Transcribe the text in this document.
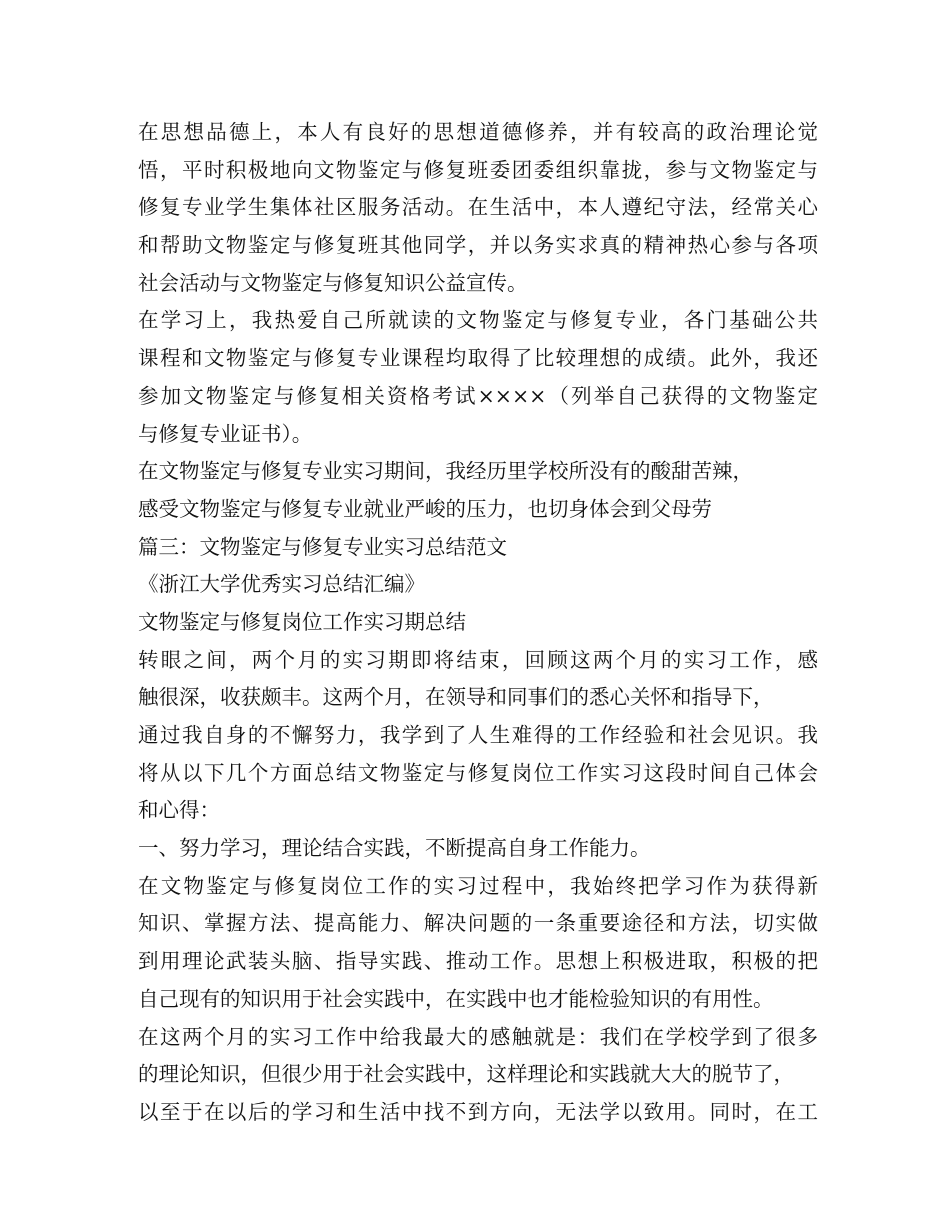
在思想品德上，本人有良好的思想道德修养，并有较高的政治理论觉
悟，平时积极地向文物鉴定与修复班委团委组织靠拢，参与文物鉴定与
修复专业学生集体社区服务活动。在生活中，本人遵纪守法，经常关心
和帮助文物鉴定与修复班其他同学，并以务实求真的精神热心参与各项
社会活动与文物鉴定与修复知识公益宣传。
在学习上，我热爱自己所就读的文物鉴定与修复专业，各门基础公共
课程和文物鉴定与修复专业课程均取得了比较理想的成绩。此外，我还
参加文物鉴定与修复相关资格考试××××（列举自己获得的文物鉴定
与修复专业证书）。
在文物鉴定与修复专业实习期间，我经历里学校所没有的酸甜苦辣，
感受文物鉴定与修复专业就业严峻的压力，也切身体会到父母劳
篇三：文物鉴定与修复专业实习总结范文
《浙江大学优秀实习总结汇编》
文物鉴定与修复岗位工作实习期总结
转眼之间，两个月的实习期即将结束，回顾这两个月的实习工作，感
触很深，收获颇丰。这两个月，在领导和同事们的悉心关怀和指导下，
通过我自身的不懈努力，我学到了人生难得的工作经验和社会见识。我
将从以下几个方面总结文物鉴定与修复岗位工作实习这段时间自己体会
和心得：
一、努力学习，理论结合实践，不断提高自身工作能力。
在文物鉴定与修复岗位工作的实习过程中，我始终把学习作为获得新
知识、掌握方法、提高能力、解决问题的一条重要途径和方法，切实做
到用理论武装头脑、指导实践、推动工作。思想上积极进取，积极的把
自己现有的知识用于社会实践中，在实践中也才能检验知识的有用性。
在这两个月的实习工作中给我最大的感触就是：我们在学校学到了很多
的理论知识，但很少用于社会实践中，这样理论和实践就大大的脱节了，
以至于在以后的学习和生活中找不到方向，无法学以致用。同时，在工
